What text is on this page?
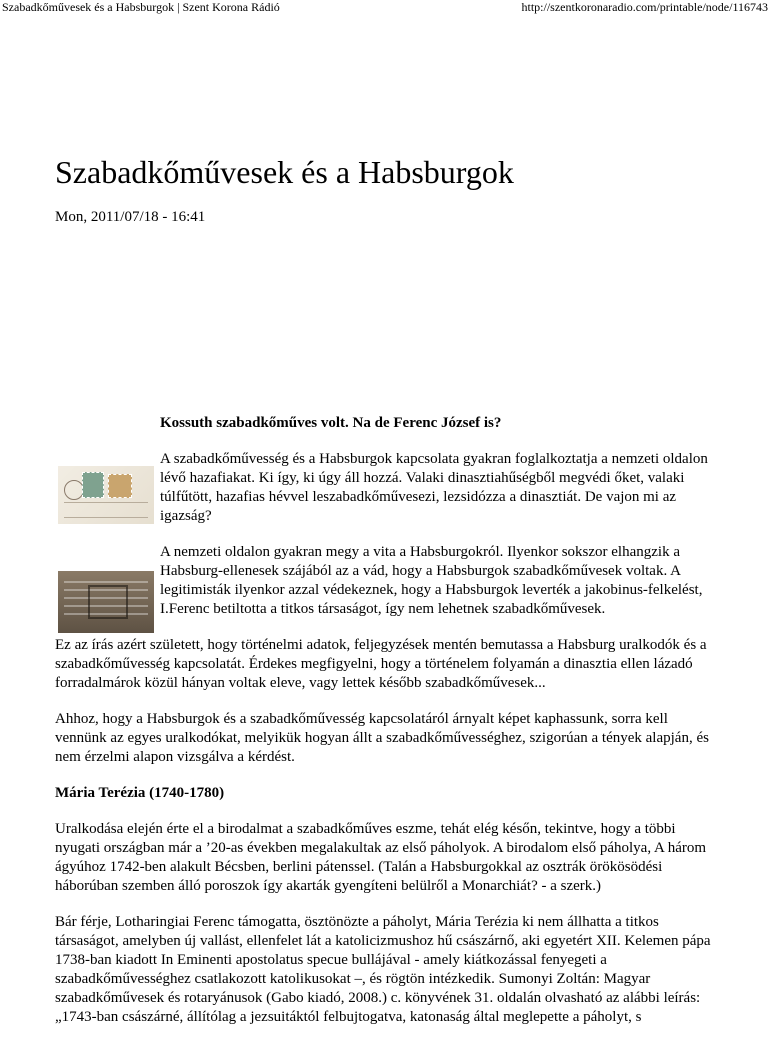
Szabadkőművesek és a Habsburgok | Szent Korona Rádió	http://szentkoronaradio.com/printable/node/116743
Szabadkőművesek és a Habsburgok
Mon, 2011/07/18 - 16:41

Kossuth szabadkőműves volt. Na de Ferenc József is?

A szabadkőművesség és a Habsburgok kapcsolata gyakran foglalkoztatja a nemzeti oldalon lévő hazafiakat. Ki így, ki úgy áll hozzá. Valaki dinasztiahűségből megvédi őket, valaki túlfűtött, hazafias hévvel leszabadkőművesezi, lezsidózza a dinasztiát. De vajon mi az igazság?

A nemzeti oldalon gyakran megy a vita a Habsburgokról. Ilyenkor sokszor elhangzik a Habsburg-ellenesek szájából az a vád, hogy a Habsburgok szabadkőművesek voltak. A legitimisták ilyenkor azzal védekeznek, hogy a Habsburgok leverték a jakobinus-felkelést, I.Ferenc betiltotta a titkos társaságot, így nem lehetnek szabadkőművesek.

Ez az írás azért született, hogy történelmi adatok, feljegyzések mentén bemutassa a Habsburg uralkodók és a szabadkőművesség kapcsolatát. Érdekes megfigyelni, hogy a történelem folyamán a dinasztia ellen lázadó forradalmárok közül hányan voltak eleve, vagy lettek később szabadkőművesek...

Ahhoz, hogy a Habsburgok és a szabadkőművesség kapcsolatáról árnyalt képet kaphassunk, sorra kell vennünk az egyes uralkodókat, melyikük hogyan állt a szabadkőművességhez, szigorúan a tények alapján, és nem érzelmi alapon vizsgálva a kérdést.

Mária Terézia (1740-1780)

Uralkodása elején érte el a birodalmat a szabadkőműves eszme, tehát elég későn, tekintve, hogy a többi nyugati országban már a ’20-as években megalakultak az első páholyok. A birodalom első páholya, A három ágyúhoz 1742-ben alakult Bécsben, berlini pátenssel. (Talán a Habsburgokkal az osztrák örökösödési háborúban szemben álló poroszok így akarták gyengíteni belülről a Monarchiát? - a szerk.)

Bár férje, Lotharingiai Ferenc támogatta, ösztönözte a páholyt, Mária Terézia ki nem állhatta a titkos társaságot, amelyben új vallást, ellenfelet lát a katolicizmushoz hű császárnő, aki egyetért XII. Kelemen pápa 1738-ban kiadott In Eminenti apostolatus specue bullájával - amely kiátkozással fenyegeti a szabadkőművességhez csatlakozott katolikusokat –, és rögtön intézkedik. Sumonyi Zoltán: Magyar szabadkőművesek és rotaryánusok (Gabo kiadó, 2008.) c. könyvének 31. oldalán olvasható az alábbi leírás: „1743-ban császárné, állítólag a jezsuitáktól felbujtogatva, katonaság által meglepette a páholyt, s
